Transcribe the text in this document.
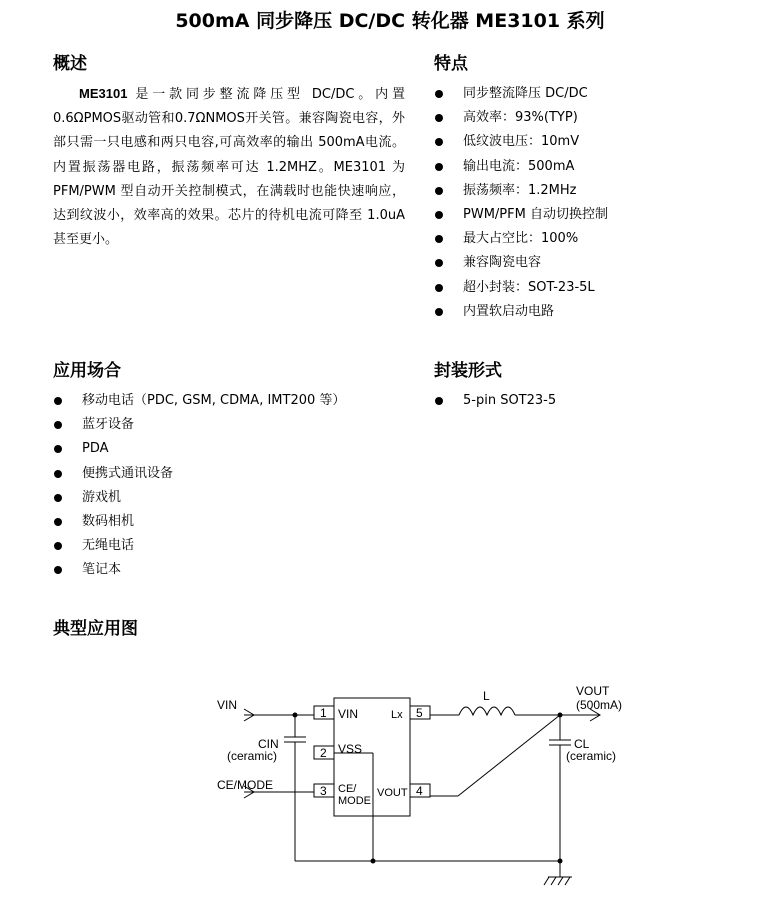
500mA 同步降压 DC/DC 转化器 ME3101 系列
概述
ME3101 是一款同步整流降压型 DC/DC。内置0.6ΩPMOS驱动管和0.7ΩNMOS开关管。兼容陶瓷电容，外部只需一只电感和两只电容,可高效率的输出 500mA电流。内置振荡器电路，振荡频率可达 1.2MHZ。ME3101 为 PFM/PWM 型自动开关控制模式，在满载时也能快速响应，达到纹波小，效率高的效果。芯片的待机电流可降至 1.0uA 甚至更小。
特点
同步整流降压 DC/DC
高效率：93%(TYP)
低纹波电压：10mV
输出电流：500mA
振荡频率：1.2MHz
PWM/PFM 自动切换控制
最大占空比：100%
兼容陶瓷电容
超小封装：SOT-23-5L
内置软启动电路
应用场合
移动电话（PDC, GSM, CDMA, IMT200 等）
蓝牙设备
PDA
便携式通讯设备
游戏机
数码相机
无绳电话
笔记本
封装形式
5-pin SOT23-5
典型应用图
VIN
CIN
(ceramic)
CE/MODE
L	VOUT
(500mA)
CL
(ceramic)
1
2
3	4
5
VIN
VSS
Lx
CE/
MODE
VOUT
